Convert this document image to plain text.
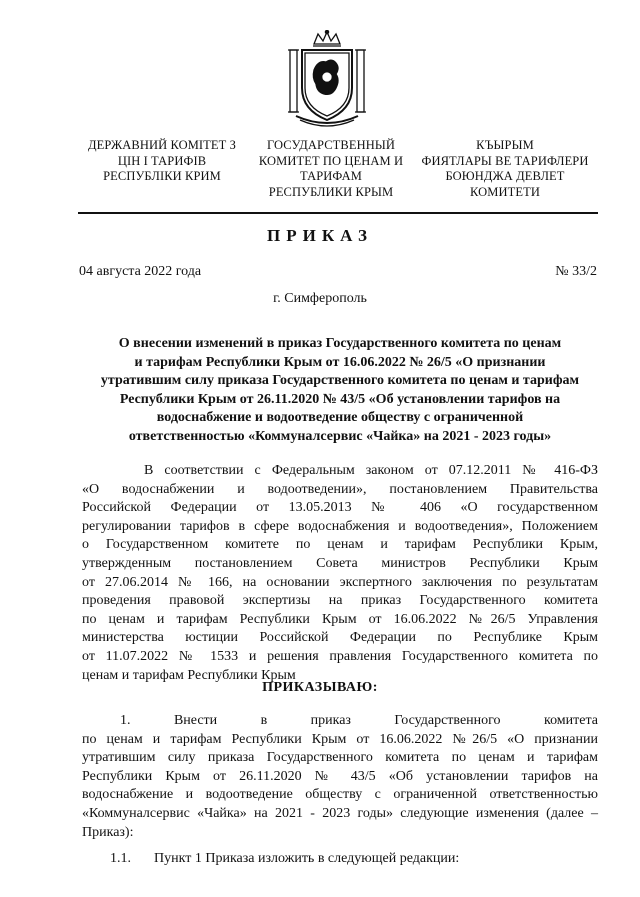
ДЕРЖАВНИЙ КОМІТЕТ З
ЦІН І ТАРИФІВ
РЕСПУБЛІКИ КРИМ
ГОСУДАРСТВЕННЫЙ
КОМИТЕТ ПО ЦЕНАМ И
ТАРИФАМ
РЕСПУБЛИКИ КРЫМ
КЪЫРЫМ
ФИЯТЛАРЫ ВЕ ТАРИФЛЕРИ
БОЮНДЖА ДЕВЛЕТ
КОМИТЕТИ
ПРИКАЗ
04 августа 2022 года	№ 33/2
г. Симферополь
О внесении изменений в приказ Государственного комитета по ценам
и тарифам Республики Крым от 16.06.2022 № 26/5 «О признании
утратившим силу приказа Государственного комитета по ценам и тарифам
Республики Крым от 26.11.2020 № 43/5 «Об установлении тарифов на
водоснабжение и водоотведение обществу с ограниченной
ответственностью «Коммуналсервис «Чайка» на 2021 - 2023 годы»
В соответствии с Федеральным законом от 07.12.2011 № 416-ФЗ
«О водоснабжении и водоотведении», постановлением Правительства
Российской Федерации от 13.05.2013 № 406 «О государственном
регулировании тарифов в сфере водоснабжения и водоотведения», Положением
о Государственном комитете по ценам и тарифам Республики Крым,
утвержденным постановлением Совета министров Республики Крым
от 27.06.2014 № 166, на основании экспертного заключения по результатам
проведения правовой экспертизы на приказ Государственного комитета
по ценам и тарифам Республики Крым от 16.06.2022 №26/5 Управления
министерства юстиции Российской Федерации по Республике Крым
от 11.07.2022 № 1533 и решения правления Государственного комитета по
ценам и тарифам Республики Крым
ПРИКАЗЫВАЮ:
1. Внести в приказ Государственного комитета
по ценам и тарифам Республики Крым от 16.06.2022 №26/5 «О признании
утратившим силу приказа Государственного комитета по ценам и тарифам
Республики Крым от 26.11.2020 № 43/5 «Об установлении тарифов на
водоснабжение и водоотведение обществу с ограниченной ответственностью
«Коммуналсервис «Чайка» на 2021 - 2023 годы» следующие изменения (далее –
Приказ):
1.1. Пункт 1 Приказа изложить в следующей редакции:
